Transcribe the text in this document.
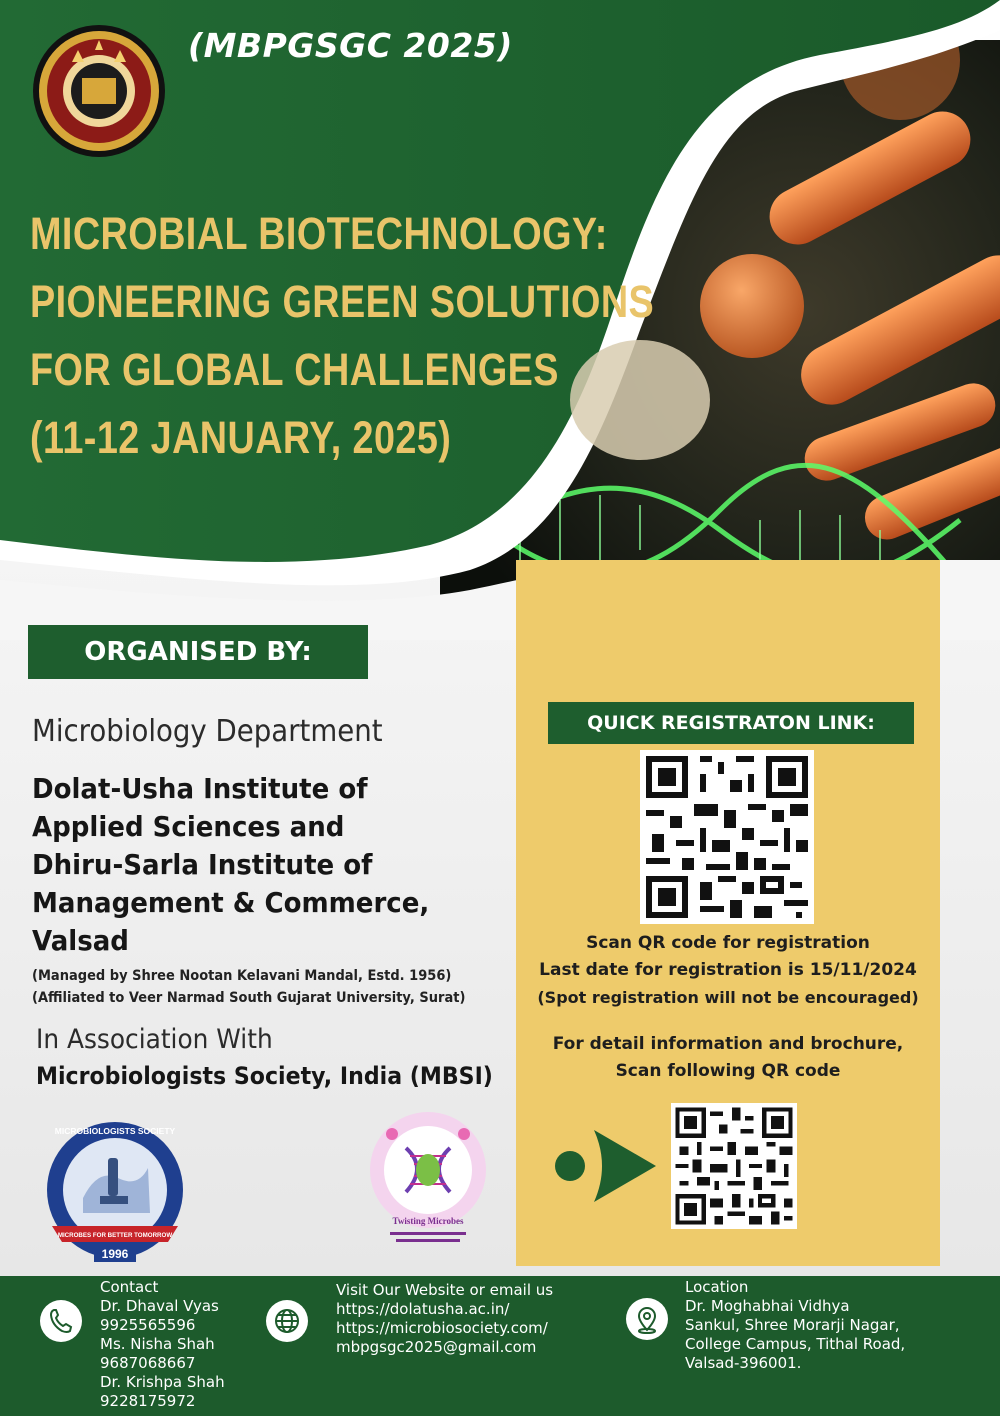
(MBPGSGC 2025)
MICROBIAL BIOTECHNOLOGY:
PIONEERING GREEN SOLUTIONS
FOR GLOBAL CHALLENGES
(11-12 JANUARY, 2025)
QUICK REGISTRATON LINK:
Scan QR code for registration
Last date for registration is 15/11/2024
(Spot registration will not be encouraged)
For detail information and brochure,
Scan following QR code
ORGANISED BY:
Microbiology Department
Dolat-Usha Institute of
Applied Sciences and
Dhiru-Sarla Institute of
Management & Commerce,
Valsad
(Managed by Shree Nootan Kelavani Mandal, Estd. 1956)
(Affiliated to Veer Narmad South Gujarat University, Surat)
In Association With
Microbiologists Society, India (MBSI)
1996
MICROBES FOR BETTER TOMORROW
MICROBIOLOGISTS SOCIETY
Twisting Microbes
Contact
Dr. Dhaval Vyas
9925565596
Ms. Nisha Shah
9687068667
Dr. Krishpa Shah
9228175972
Visit Our Website or email us
https://dolatusha.ac.in/
https://microbiosociety.com/
mbpgsgc2025@gmail.com
Location
Dr. Moghabhai Vidhya
Sankul, Shree Morarji Nagar,
College Campus, Tithal Road,
Valsad-396001.
